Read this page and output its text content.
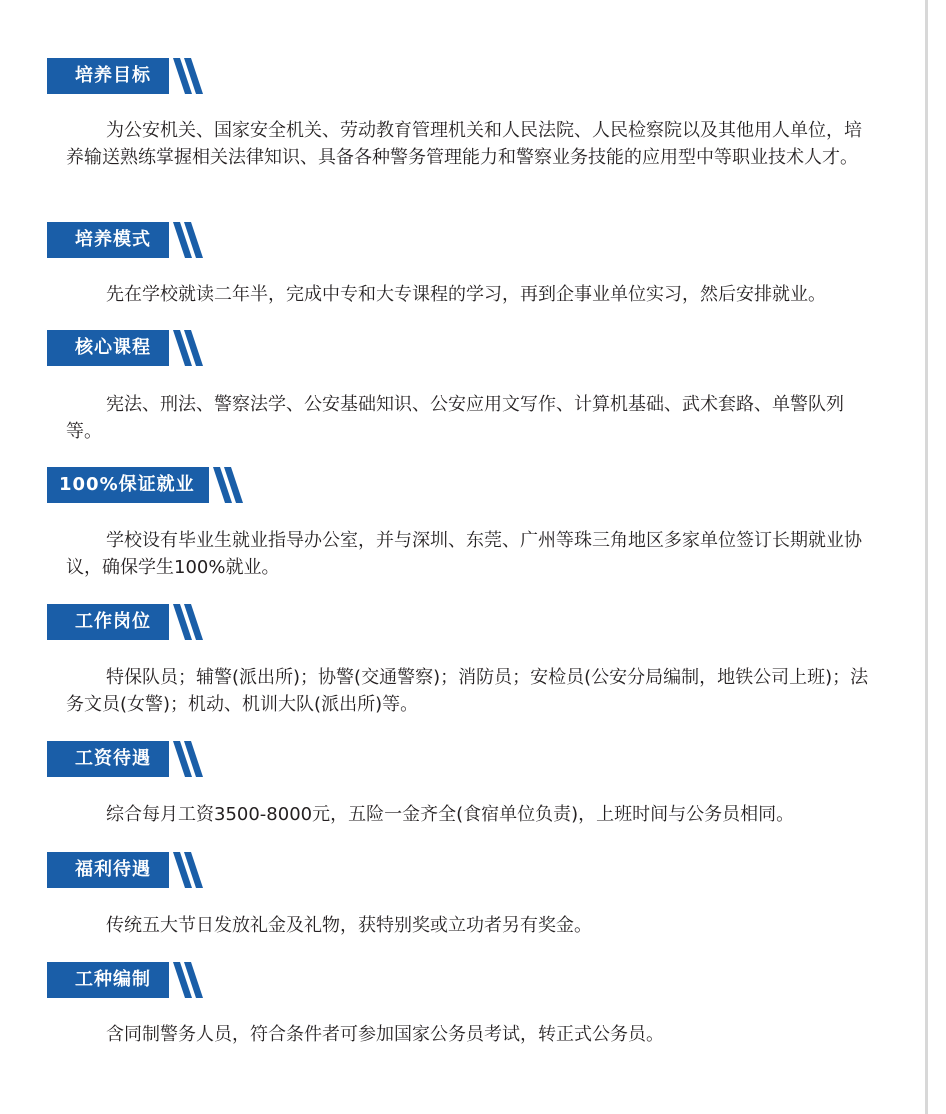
培养目标

为公安机关、国家安全机关、劳动教育管理机关和人民法院、人民检察院以及其他用人单位，培养输送熟练掌握相关法律知识、具备各种警务管理能力和警察业务技能的应用型中等职业技术人才。

培养模式

先在学校就读二年半，完成中专和大专课程的学习，再到企事业单位实习，然后安排就业。

核心课程

宪法、刑法、警察法学、公安基础知识、公安应用文写作、计算机基础、武术套路、单警队列等。

100%保证就业

学校设有毕业生就业指导办公室，并与深圳、东莞、广州等珠三角地区多家单位签订长期就业协议，确保学生100%就业。

工作岗位

特保队员；辅警(派出所)；协警(交通警察)；消防员；安检员(公安分局编制，地铁公司上班)；法务文员(女警)；机动、机训大队(派出所)等。

工资待遇

综合每月工资3500-8000元，五险一金齐全(食宿单位负责)，上班时间与公务员相同。

福利待遇

传统五大节日发放礼金及礼物，获特别奖或立功者另有奖金。

工种编制

含同制警务人员，符合条件者可参加国家公务员考试，转正式公务员。
